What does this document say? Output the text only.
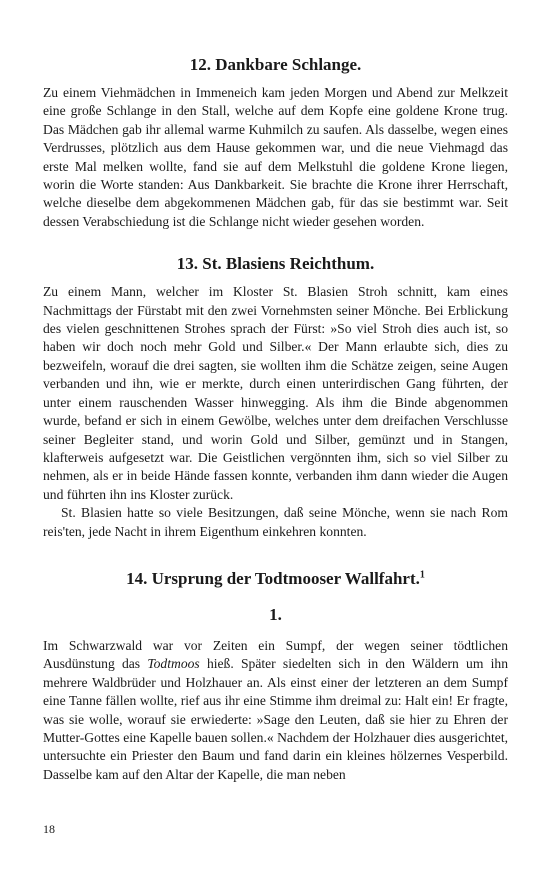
12. Dankbare Schlange.

Zu einem Viehmädchen in Immeneich kam jeden Morgen und Abend zur Melkzeit eine große Schlange in den Stall, welche auf dem Kopfe eine goldene Krone trug. Das Mädchen gab ihr allemal warme Kuhmilch zu saufen. Als dasselbe, wegen eines Verdrusses, plötzlich aus dem Hause gekommen war, und die neue Viehmagd das erste Mal melken wollte, fand sie auf dem Melkstuhl die goldene Krone liegen, worin die Worte standen: Aus Dankbarkeit. Sie brachte die Krone ihrer Herrschaft, welche dieselbe dem abgekommenen Mädchen gab, für das sie bestimmt war. Seit dessen Verabschiedung ist die Schlange nicht wieder gesehen worden.

13. St. Blasiens Reichthum.

Zu einem Mann, welcher im Kloster St. Blasien Stroh schnitt, kam eines Nachmittags der Fürstabt mit den zwei Vornehmsten seiner Mönche. Bei Erblickung des vielen geschnittenen Strohes sprach der Fürst: »So viel Stroh dies auch ist, so haben wir doch noch mehr Gold und Silber.« Der Mann erlaubte sich, dies zu bezweifeln, worauf die drei sagten, sie wollten ihm die Schätze zeigen, seine Augen verbanden und ihn, wie er merkte, durch einen unterirdischen Gang führten, der unter einem rauschenden Wasser hinwegging. Als ihm die Binde abgenommen wurde, befand er sich in einem Gewölbe, welches unter dem dreifachen Verschlusse seiner Begleiter stand, und worin Gold und Silber, gemünzt und in Stangen, klafterweis aufgesetzt war. Die Geistlichen vergönnten ihm, sich so viel Silber zu nehmen, als er in beide Hände fassen konnte, verbanden ihm dann wieder die Augen und führten ihn ins Kloster zurück.

St. Blasien hatte so viele Besitzungen, daß seine Mönche, wenn sie nach Rom reis'ten, jede Nacht in ihrem Eigenthum einkehren konnten.

14. Ursprung der Todtmooser Wallfahrt.$^1$
1.

Im Schwarzwald war vor Zeiten ein Sumpf, der wegen seiner tödtlichen Ausdünstung das Todtmoos hieß. Später siedelten sich in den Wäldern um ihn mehrere Waldbrüder und Holzhauer an. Als einst einer der letzteren an dem Sumpf eine Tanne fällen wollte, rief aus ihr eine Stimme ihm dreimal zu: Halt ein! Er fragte, was sie wolle, worauf sie erwiederte: »Sage den Leuten, daß sie hier zu Ehren der Mutter-Gottes eine Kapelle bauen sollen.« Nachdem der Holzhauer dies ausgerichtet, untersuchte ein Priester den Baum und fand darin ein kleines hölzernes Vesperbild. Dasselbe kam auf den Altar der Kapelle, die man neben

18
